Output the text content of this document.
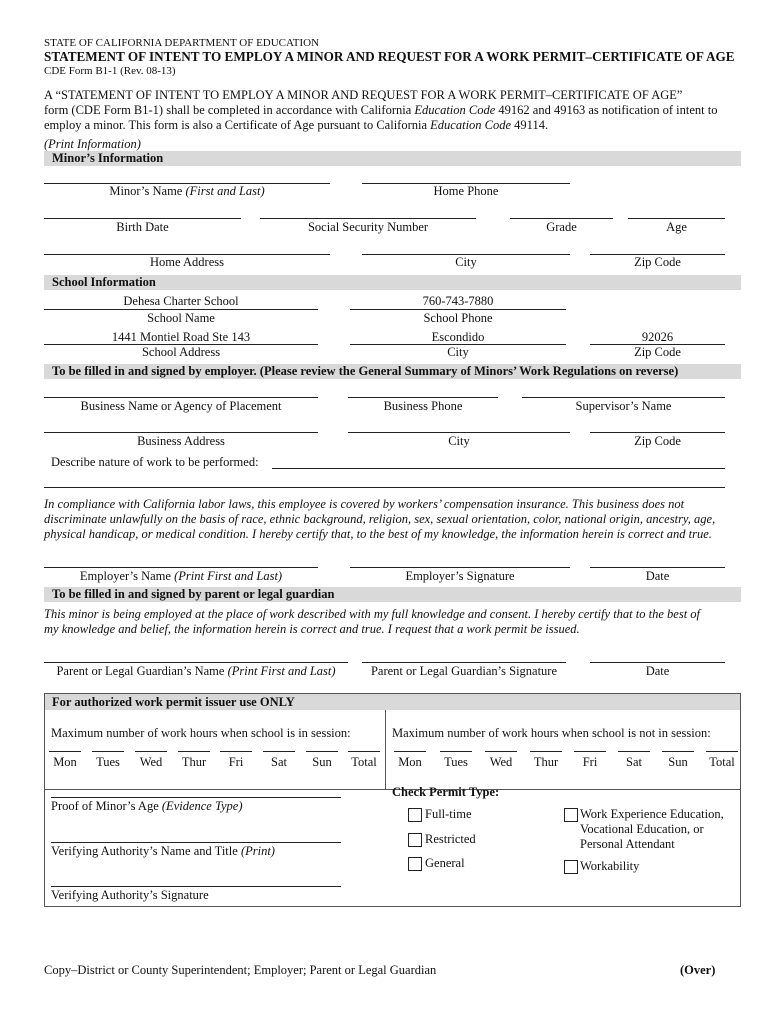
STATE OF CALIFORNIA DEPARTMENT OF EDUCATION
STATEMENT OF INTENT TO EMPLOY A MINOR AND REQUEST FOR A WORK PERMIT–CERTIFICATE OF AGE
CDE Form B1-1 (Rev. 08-13)
A “STATEMENT OF INTENT TO EMPLOY A MINOR AND REQUEST FOR A WORK PERMIT–CERTIFICATE OF AGE”
form (CDE Form B1-1) shall be completed in accordance with California Education Code 49162 and 49163 as notification of intent to
employ a minor. This form is also a Certificate of Age pursuant to California Education Code 49114.
(Print Information)
Minor’s Information
Minor’s Name (First and Last)	Home Phone
Birth Date	Social Security Number	Grade	Age
Home Address	City	Zip Code
School Information
Dehesa Charter School	760-743-7880
School Name	School Phone
1441 Montiel Road Ste 143	Escondido	92026
School Address	City	Zip Code
To be filled in and signed by employer. (Please review the General Summary of Minors’ Work Regulations on reverse)
Business Name or Agency of Placement	Business Phone	Supervisor’s Name
Business Address	City	Zip Code
Describe nature of work to be performed:
In compliance with California labor laws, this employee is covered by workers’ compensation insurance. This business does not
discriminate unlawfully on the basis of race, ethnic background, religion, sex, sexual orientation, color, national origin, ancestry, age,
physical handicap, or medical condition. I hereby certify that, to the best of my knowledge, the information herein is correct and true.
Employer’s Name (Print First and Last)	Employer’s Signature	Date
To be filled in and signed by parent or legal guardian
This minor is being employed at the place of work described with my full knowledge and consent. I hereby certify that to the best of
my knowledge and belief, the information herein is correct and true. I request that a work permit be issued.
Parent or Legal Guardian’s Name (Print First and Last)	Parent or Legal Guardian’s Signature	Date
For authorized work permit issuer use ONLY
Maximum number of work hours when school is in session:	Maximum number of work hours when school is not in session:
Mon	Tues	Wed	Thur	Fri	Sat	Sun	Total	Mon	Tues	Wed	Thur	Fri	Sat	Sun	Total
Proof of Minor’s Age (Evidence Type)
Verifying Authority’s Name and Title (Print)
Verifying Authority’s Signature
Check Permit Type:
Full-time
Restricted
General
Work Experience Education,
Vocational Education, or
Personal Attendant
Workability
Copy–District or County Superintendent; Employer; Parent or Legal Guardian	(Over)
